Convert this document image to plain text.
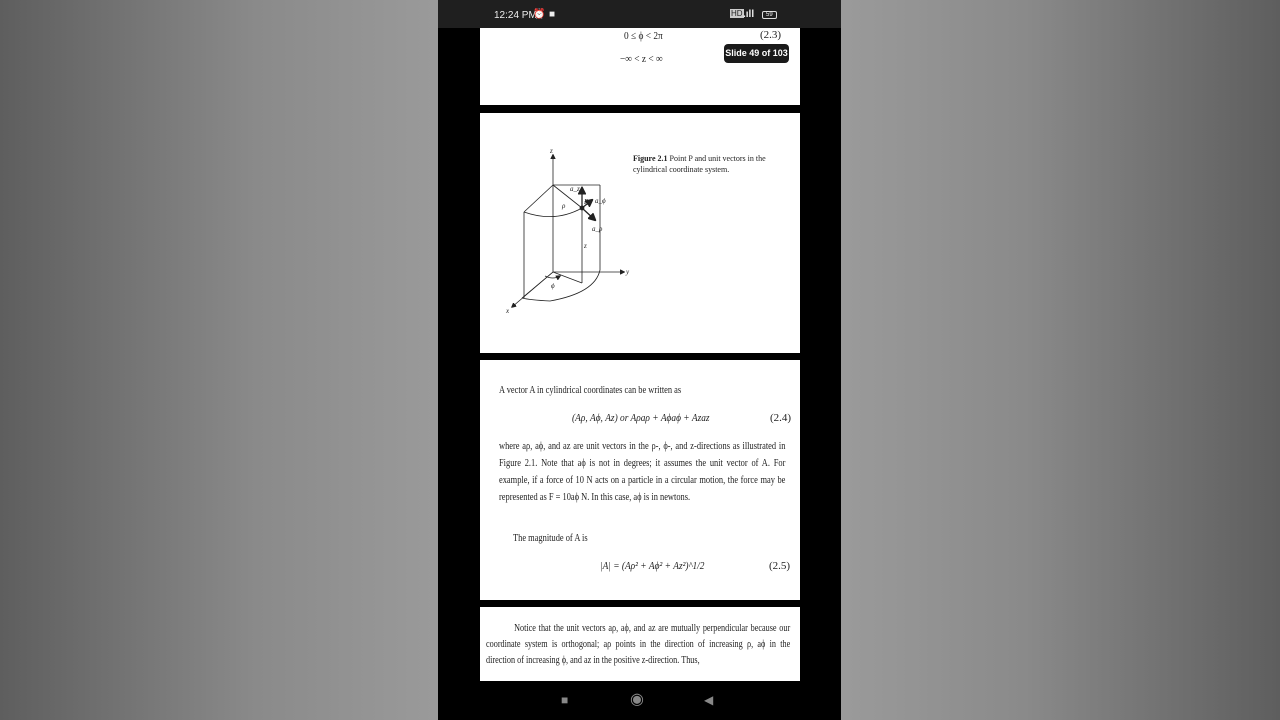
12:24 PM
⏰ ■	HD .ıll	59
0 ≤ ϕ < 2π	(2.3)
−∞ < z < ∞	Slide 49 of 103
z
y
x
a_z
P a_ϕ
a_ρ
ρ
z
ϕ
Figure 2.1 Point P and unit vectors in the cylindrical coordinate system.
A vector A in cylindrical coordinates can be written as
(Aρ, Aϕ, Az) or Aρaρ + Aϕaϕ + Azaz	(2.4)
where aρ, aϕ, and az are unit vectors in the ρ-, ϕ-, and z-directions as illustrated in Figure 2.1. Note that aϕ is not in degrees; it assumes the unit vector of A. For example, if a force of 10 N acts on a particle in a circular motion, the force may be represented as F = 10aϕ N. In this case, aϕ is in newtons.
The magnitude of A is
|A| = (Aρ² + Aϕ² + Az²)^1/2	(2.5)
Notice that the unit vectors aρ, aϕ, and az are mutually perpendicular because our coordinate system is orthogonal; aρ points in the direction of increasing ρ, aϕ in the direction of increasing ϕ, and az in the positive z-direction. Thus,
■	◉	◀
